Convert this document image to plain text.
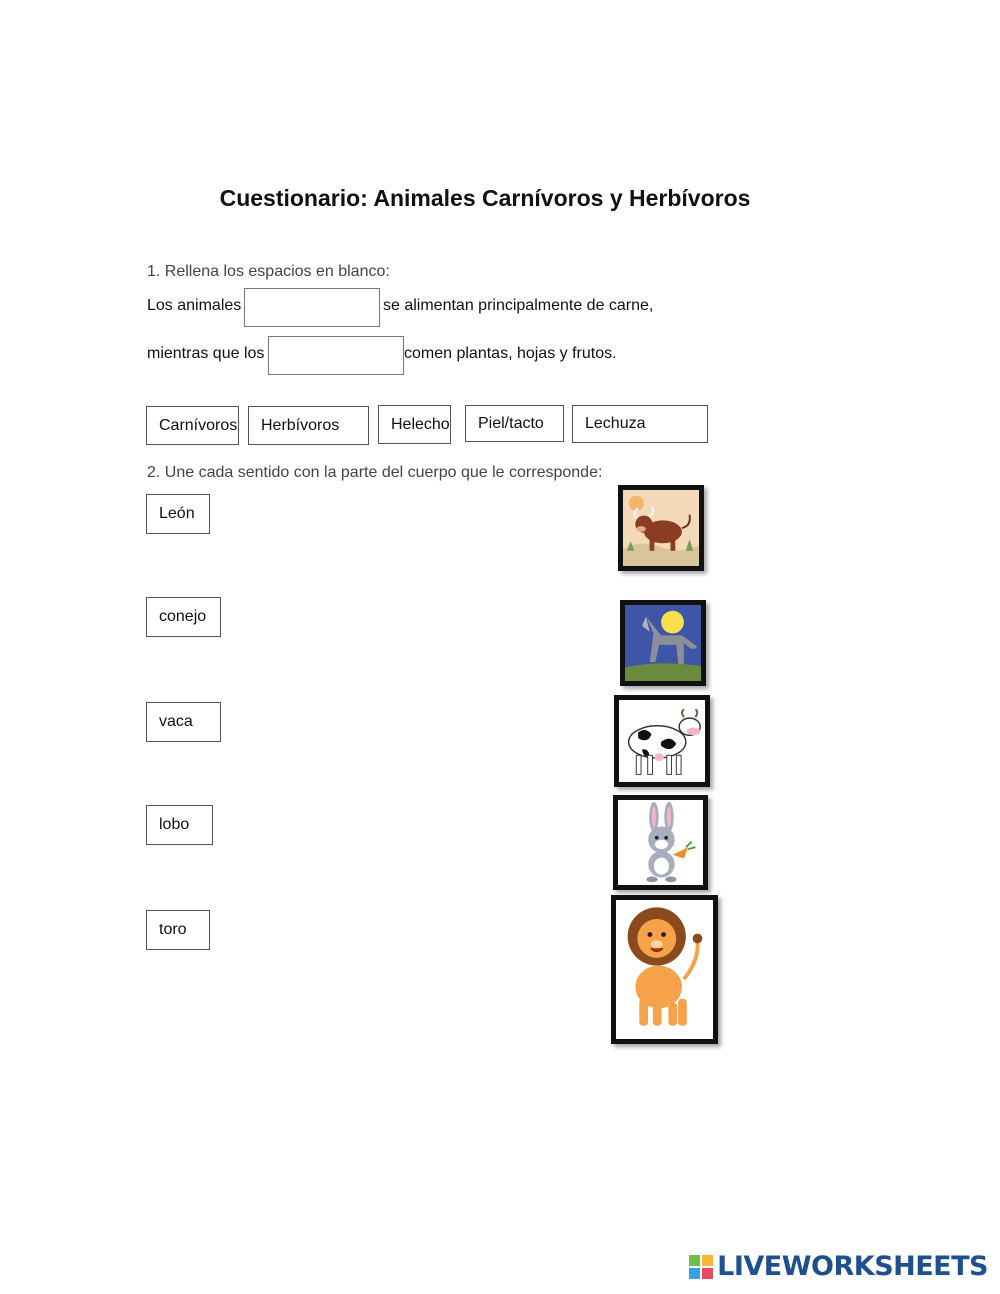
Cuestionario: Animales Carnívoros y Herbívoros
1. Rellena los espacios en blanco:
Los animales	se alimentan principalmente de carne,
mientras que los	comen plantas, hojas y frutos.
Carnívoros	Herbívoros	Helecho	Piel/tacto	Lechuza
2. Une cada sentido con la parte del cuerpo que le corresponde:
León
conejo
vaca
lobo
toro
LIVEWORKSHEETS
